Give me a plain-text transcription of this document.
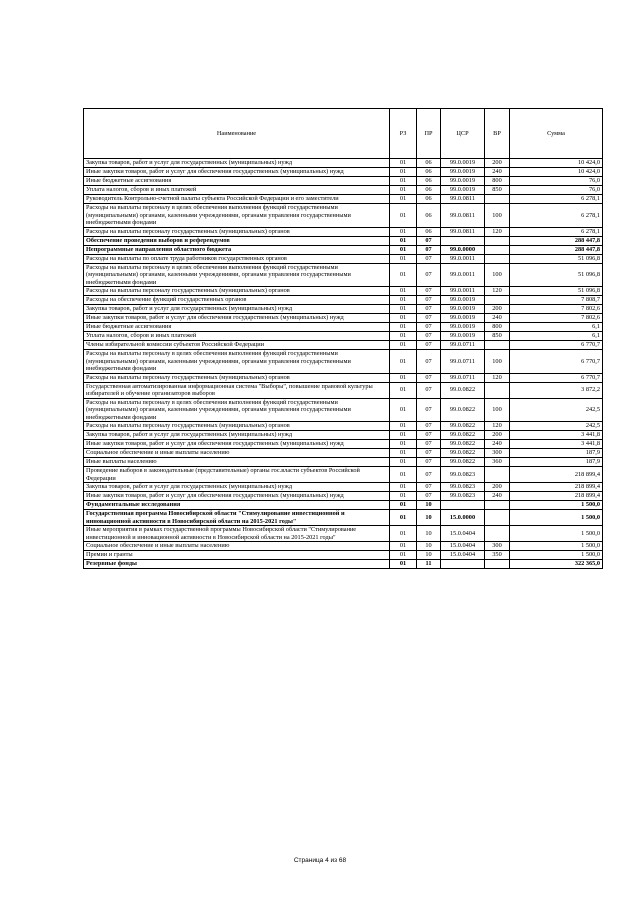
Наименование	РЗ	ПР	ЦСР	ВР	Сумма
Закупка товаров, работ и услуг для государственных (муниципальных) нужд	01	06	99.0.0019	200	10 424,0
Иные закупки товаров, работ и услуг для обеспечения государственных (муниципальных) нужд	01	06	99.0.0019	240	10 424,0
Иные бюджетные ассигнования	01	06	99.0.0019	800	76,0
Уплата налогов, сборов и иных платежей	01	06	99.0.0019	850	76,0
Руководитель Контрольно-счетной палаты субъекта Российской Федерации и его заместители	01	06	99.0.0811		6 278,1
Расходы на выплаты персоналу в целях обеспечения выполнения функций государственными (муниципальными) органами, казенными учреждениями, органами управления государственными внебюджетными фондами	01	06	99.0.0811	100	6 278,1
Расходы на выплаты персоналу государственных (муниципальных) органов	01	06	99.0.0811	120	6 278,1
Обеспечение проведения выборов и референдумов	01	07			288 447,8
Непрограммные направления областного бюджета	01	07	99.0.0000		288 447,8
Расходы на выплаты по оплате труда работников государственных органов	01	07	99.0.0011		51 096,8
Расходы на выплаты персоналу в целях обеспечения выполнения функций государственными (муниципальными) органами, казенными учреждениями, органами управления государственными внебюджетными фондами	01	07	99.0.0011	100	51 096,8
Расходы на выплаты персоналу государственных (муниципальных) органов	01	07	99.0.0011	120	51 096,8
Расходы на обеспечение функций государственных органов	01	07	99.0.0019		7 808,7
Закупка товаров, работ и услуг для государственных (муниципальных) нужд	01	07	99.0.0019	200	7 802,6
Иные закупки товаров, работ и услуг для обеспечения государственных (муниципальных) нужд	01	07	99.0.0019	240	7 802,6
Иные бюджетные ассигнования	01	07	99.0.0019	800	6,1
Уплата налогов, сборов и иных платежей	01	07	99.0.0019	850	6,1
Члены избирательной комиссии субъектов Российской Федерации	01	07	99.0.0711		6 770,7
Расходы на выплаты персоналу в целях обеспечения выполнения функций государственными (муниципальными) органами, казенными учреждениями, органами управления государственными внебюджетными фондами	01	07	99.0.0711	100	6 770,7
Расходы на выплаты персоналу государственных (муниципальных) органов	01	07	99.0.0711	120	6 770,7
Государственная автоматизированная информационная система "Выборы", повышение правовой культуры избирателей и обучение организаторов выборов	01	07	99.0.0822		3 872,2
Расходы на выплаты персоналу в целях обеспечения выполнения функций государственными (муниципальными) органами, казенными учреждениями, органами управления государственными внебюджетными фондами	01	07	99.0.0822	100	242,5
Расходы на выплаты персоналу государственных (муниципальных) органов	01	07	99.0.0822	120	242,5
Закупка товаров, работ и услуг для государственных (муниципальных) нужд	01	07	99.0.0822	200	3 441,8
Иные закупки товаров, работ и услуг для обеспечения государственных (муниципальных) нужд	01	07	99.0.0822	240	3 441,8
Социальное обеспечение и иные выплаты населению	01	07	99.0.0822	300	187,9
Иные выплаты населению	01	07	99.0.0822	360	187,9
Проведение выборов в законодательные (представительные) органы гос.власти субъектов Российской Федерации	01	07	99.0.0823		218 899,4
Закупка товаров, работ и услуг для государственных (муниципальных) нужд	01	07	99.0.0823	200	218 899,4
Иные закупки товаров, работ и услуг для обеспечения государственных (муниципальных) нужд	01	07	99.0.0823	240	218 899,4
Фундаментальные исследования	01	10			1 500,0
Государственная программа Новосибирской области "Стимулирование инвестиционной и инновационной активности в Новосибирской области на 2015-2021 годы"	01	10	15.0.0000		1 500,0
Иные мероприятия в рамках государственной программы Новосибирской области "Стимулирование инвестиционной и инновационной активности в Новосибирской области на 2015-2021 годы"	01	10	15.0.0404		1 500,0
Социальное обеспечение и иные выплаты населению	01	10	15.0.0404	300	1 500,0
Премии и гранты	01	10	15.0.0404	350	1 500,0
Резервные фонды	01	11			322 365,0
Страница 4 из 68
